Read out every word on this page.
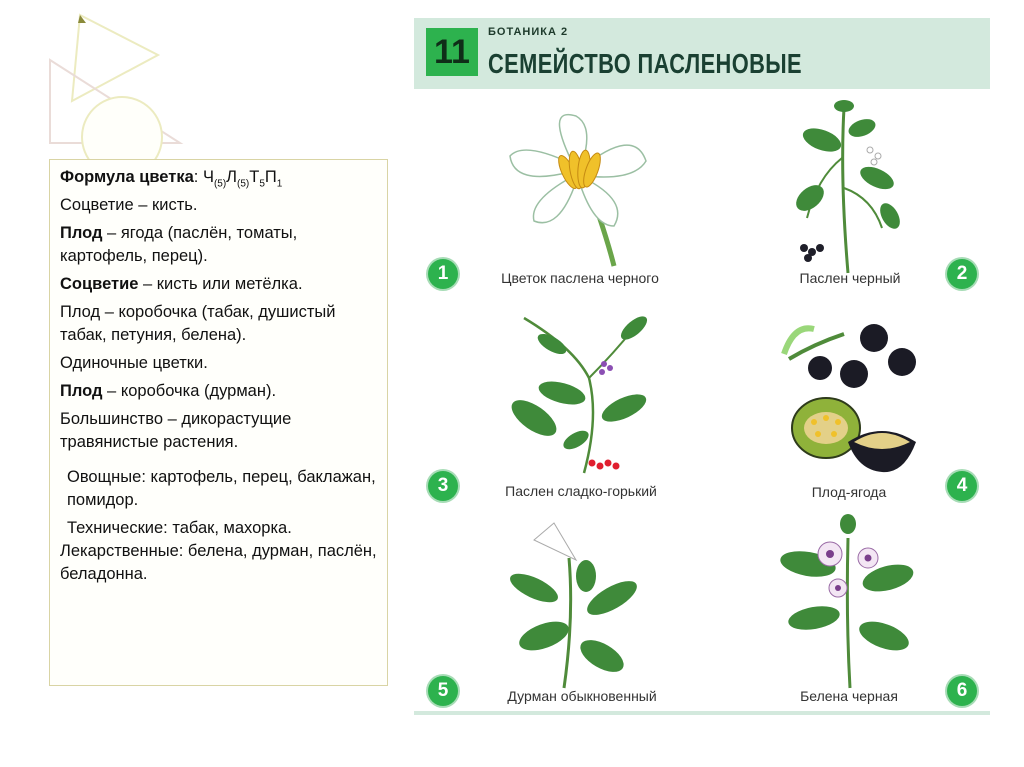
Формула цветка: $Ч_{(5)}Л_{(5)}Т_5П_1$

Соцветие – кисть.

Плод – ягода (паслён, томаты, картофель, перец).

Соцветие – кисть или метёлка.

Плод – коробочка (табак, душистый табак, петуния, белена).

Одиночные цветки.

Плод – коробочка (дурман).

Большинство – дикорастущие травянистые растения.

Овощные: картофель, перец, баклажан, помидор.

Технические: табак, махорка.

Лекарственные: белена, дурман, паслён, беладонна.

11
БОТАНИКА 2
СЕМЕЙСТВО ПАСЛЕНОВЫЕ
Цветок паслена черного	Паслен черный
Паслен сладко-горький	Плод-ягода
Дурман обыкновенный	Белена черная
1	2
3	4
5	6
